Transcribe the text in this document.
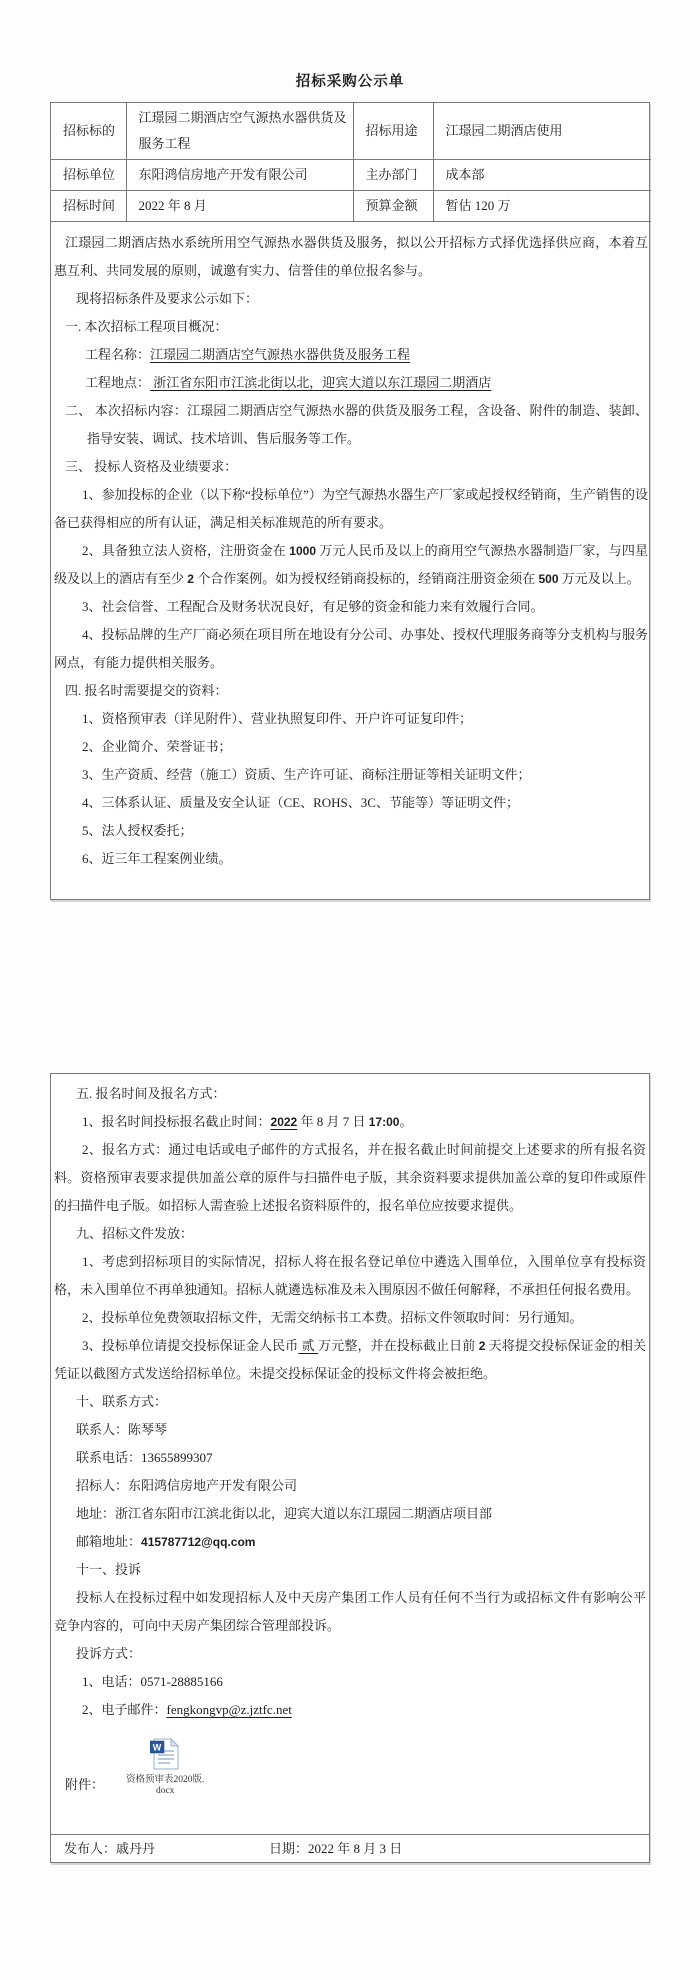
招标采购公示单
招标标的	江璟园二期酒店空气源热水器供货及服务工程	招标用途	江璟园二期酒店使用
招标单位	东阳鸿信房地产开发有限公司	主办部门	成本部
招标时间	2022 年 8 月	预算金额	暂估 120 万

江璟园二期酒店热水系统所用空气源热水器供货及服务，拟以公开招标方式择优选择供应商，本着互惠互利、共同发展的原则，诚邀有实力、信誉佳的单位报名参与。

现将招标条件及要求公示如下：

一. 本次招标工程项目概况：

工程名称：江璟园二期酒店空气源热水器供货及服务工程

工程地点： 浙江省东阳市江滨北街以北，迎宾大道以东江璟园二期酒店

二、 本次招标内容：江璟园二期酒店空气源热水器的供货及服务工程，含设备、附件的制造、装卸、指导安装、调试、技术培训、售后服务等工作。

三、 投标人资格及业绩要求：

1、参加投标的企业（以下称“投标单位”）为空气源热水器生产厂家或起授权经销商，生产销售的设备已获得相应的所有认证，满足相关标准规范的所有要求。

2、具备独立法人资格，注册资金在 1000 万元人民币及以上的商用空气源热水器制造厂家，与四星级及以上的酒店有至少 2 个合作案例。如为授权经销商投标的，经销商注册资金须在 500 万元及以上。

3、社会信誉、工程配合及财务状况良好，有足够的资金和能力来有效履行合同。

4、投标品牌的生产厂商必须在项目所在地设有分公司、办事处、授权代理服务商等分支机构与服务网点，有能力提供相关服务。

四. 报名时需要提交的资料：

1、资格预审表（详见附件）、营业执照复印件、开户许可证复印件；

2、企业简介、荣誉证书；

3、生产资质、经营（施工）资质、生产许可证、商标注册证等相关证明文件；

4、三体系认证、质量及安全认证（CE、ROHS、3C、节能等）等证明文件；

5、法人授权委托；

6、近三年工程案例业绩。

五. 报名时间及报名方式：

1、报名时间投标报名截止时间：2022 年 8 月 7 日 17:00。

2、报名方式：通过电话或电子邮件的方式报名，并在报名截止时间前提交上述要求的所有报名资料。资格预审表要求提供加盖公章的原件与扫描件电子版，其余资料要求提供加盖公章的复印件或原件的扫描件电子版。如招标人需查验上述报名资料原件的，报名单位应按要求提供。

九、招标文件发放：

1、考虑到招标项目的实际情况，招标人将在报名登记单位中遴选入围单位，入围单位享有投标资格，未入围单位不再单独通知。招标人就遴选标准及未入围原因不做任何解释，不承担任何报名费用。

2、投标单位免费领取招标文件，无需交纳标书工本费。招标文件领取时间：另行通知。

3、投标单位请提交投标保证金人民币 贰 万元整，并在投标截止日前 2 天将提交投标保证金的相关凭证以截图方式发送给招标单位。未提交投标保证金的投标文件将会被拒绝。

十、联系方式：

联系人：陈琴琴

联系电话：13655899307

招标人：东阳鸿信房地产开发有限公司

地址：浙江省东阳市江滨北街以北，迎宾大道以东江璟园二期酒店项目部

邮箱地址：415787712@qq.com

十一、投诉

投标人在投标过程中如发现招标人及中天房产集团工作人员有任何不当行为或招标文件有影响公平竞争内容的，可向中天房产集团综合管理部投诉。

投诉方式：

1、电话：0571-28885166

2、电子邮件：fengkongvp@z.jztfc.net

附件：
W
资格预审表2020版.
docx
发布人：戚丹丹	日期：2022 年 8 月 3 日
